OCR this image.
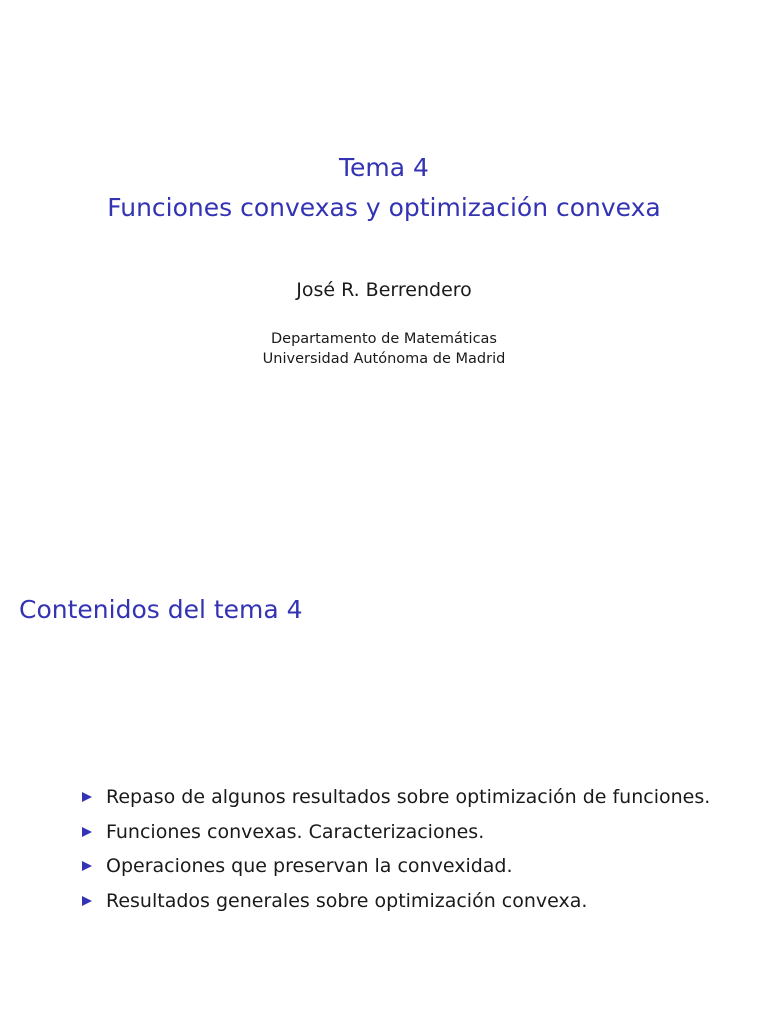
Tema 4
Funciones convexas y optimización convexa
José R. Berrendero
Departamento de Matemáticas
Universidad Autónoma de Madrid
Contenidos del tema 4
Repaso de algunos resultados sobre optimización de funciones.
Funciones convexas. Caracterizaciones.
Operaciones que preservan la convexidad.
Resultados generales sobre optimización convexa.
